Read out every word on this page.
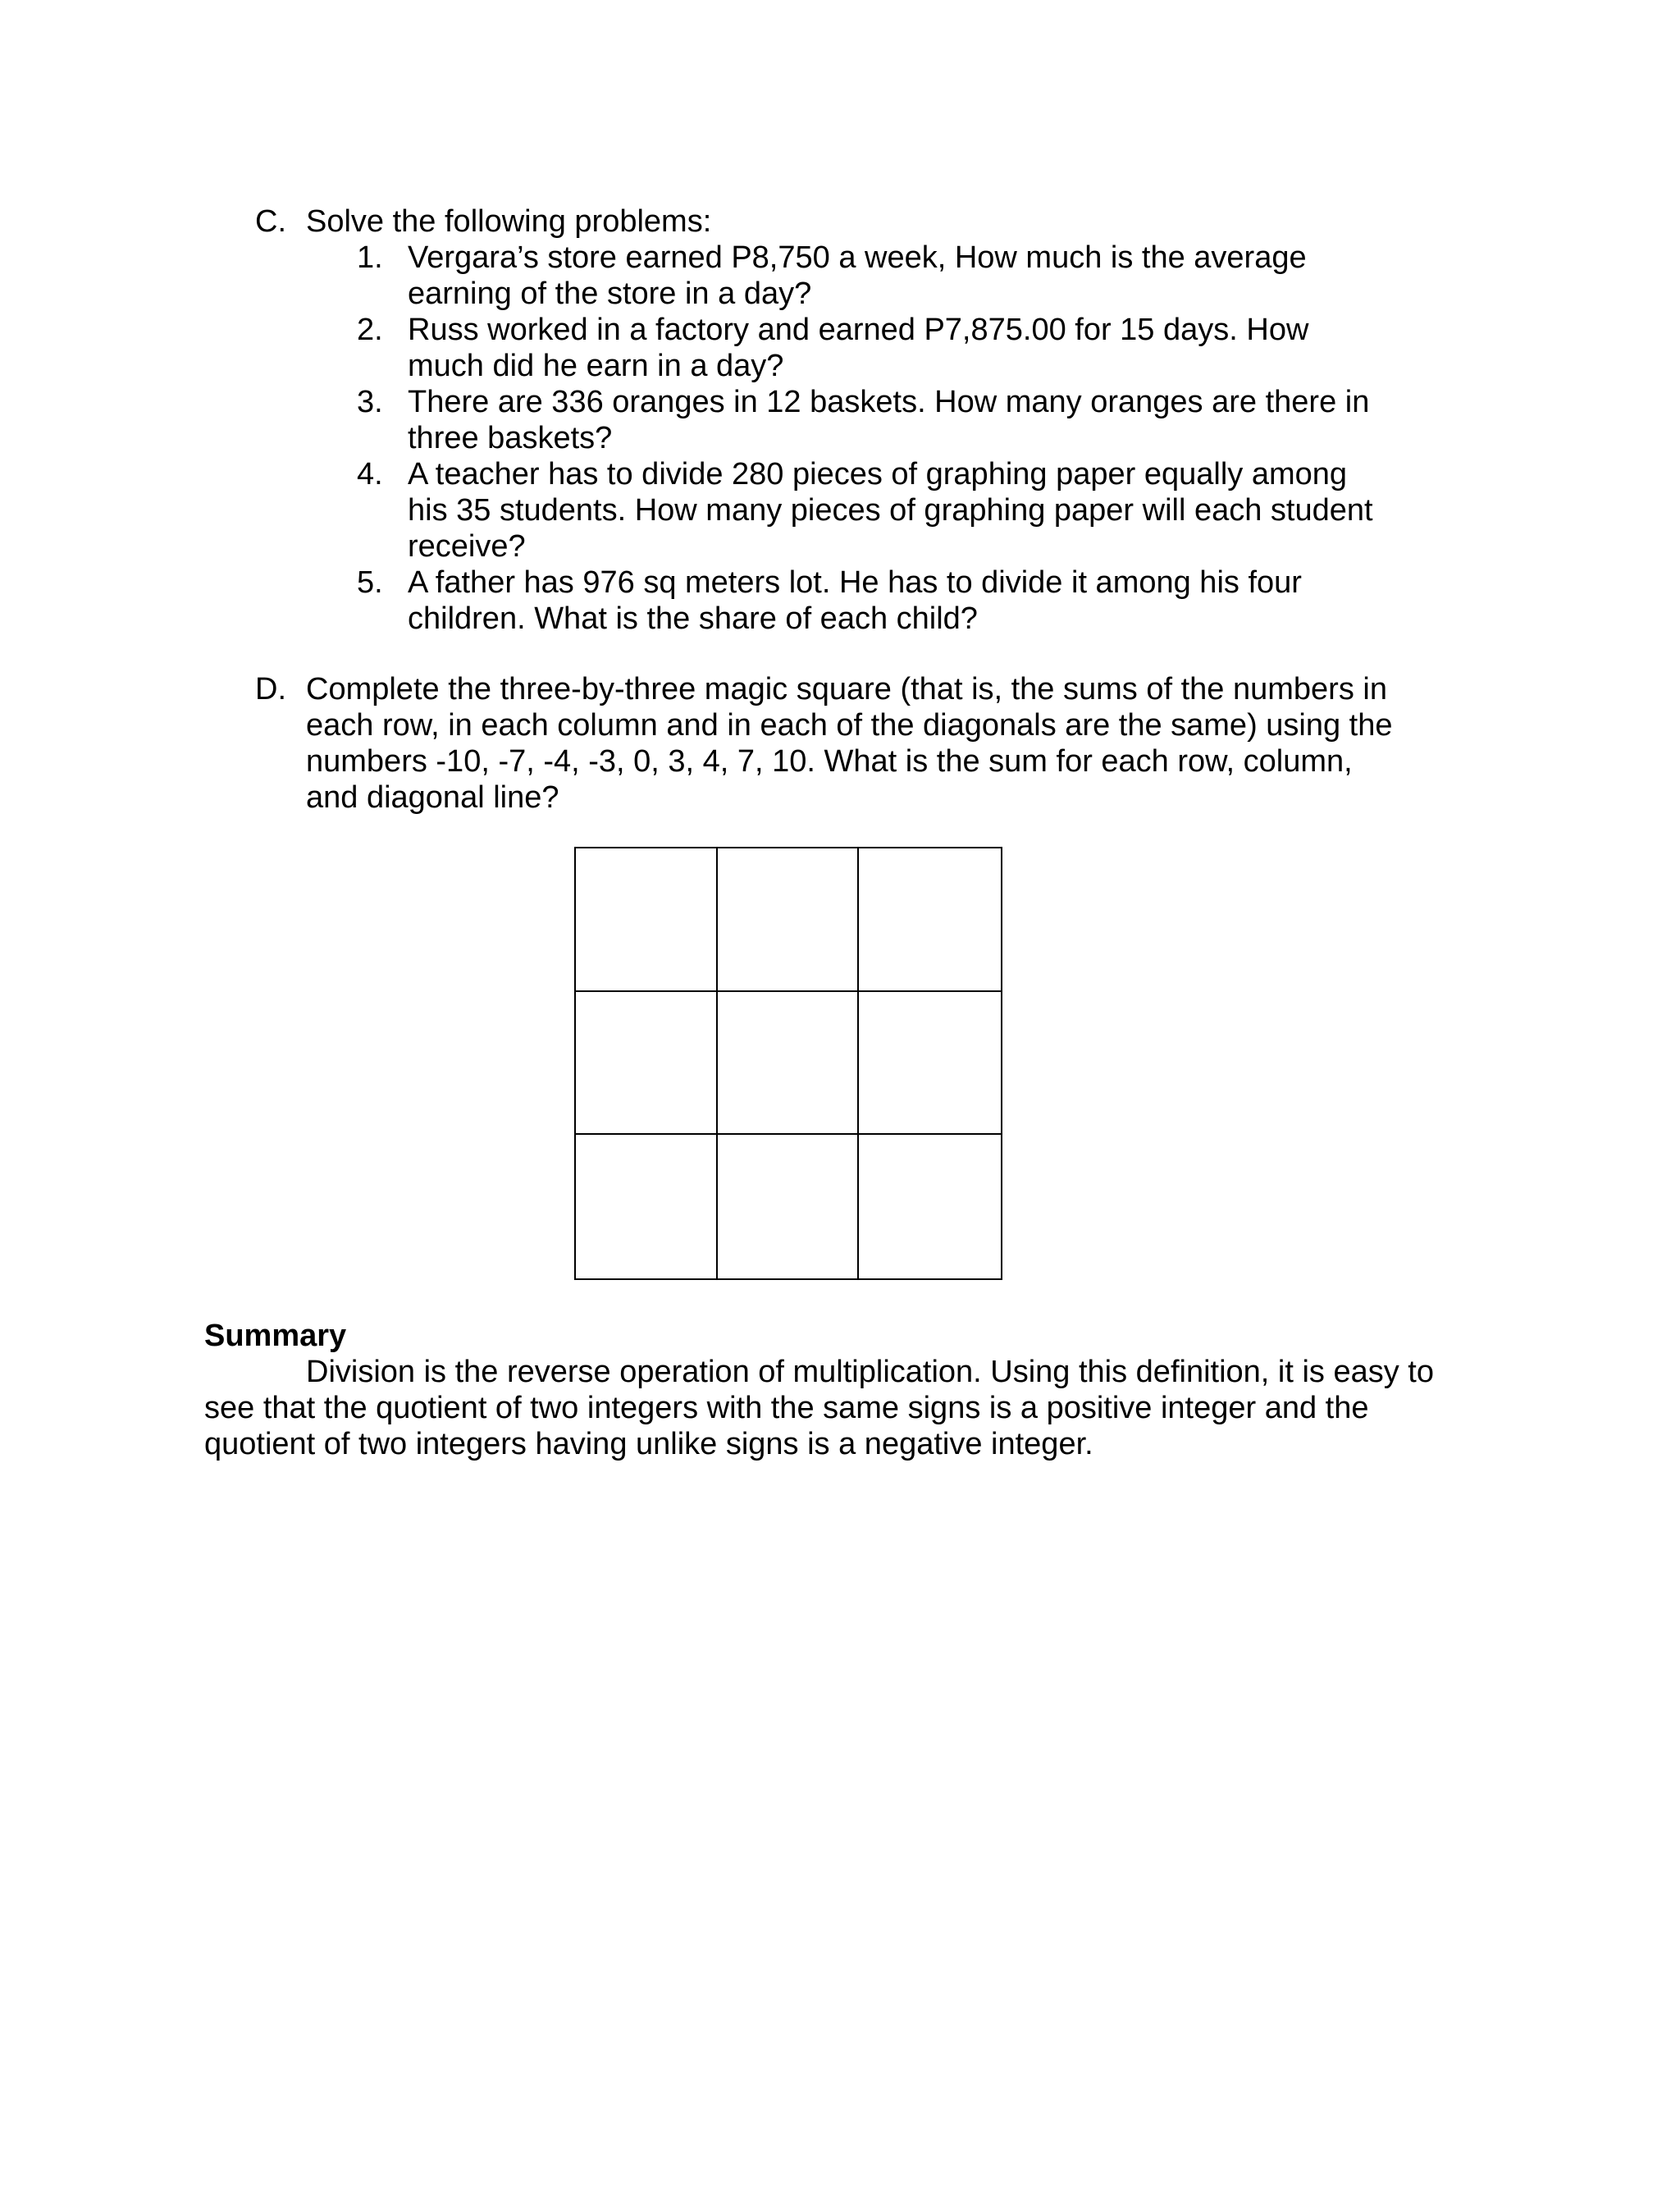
C. Solve the following problems:
1. Vergara’s store earned P8,750 a week, How much is the average earning of the store in a day?
2. Russ worked in a factory and earned P7,875.00 for 15 days. How much did he earn in a day?
3. There are 336 oranges in 12 baskets. How many oranges are there in three baskets?
4. A teacher has to divide 280 pieces of graphing paper equally among his 35 students. How many pieces of graphing paper will each student receive?
5. A father has 976 sq meters lot. He has to divide it among his four children. What is the share of each child?
D. Complete the three-by-three magic square (that is, the sums of the numbers in each row, in each column and in each of the diagonals are the same) using the numbers -10, -7, -4, -3, 0, 3, 4, 7, 10. What is the sum for each row, column, and diagonal line?
Summary
Division is the reverse operation of multiplication. Using this definition, it is easy to see that the quotient of two integers with the same signs is a positive integer and the quotient of two integers having unlike signs is a negative integer.
